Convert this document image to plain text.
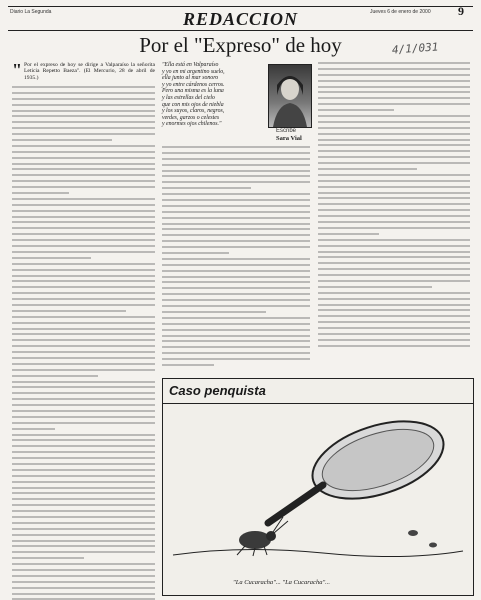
Diario La Segunda	Jueves 6 de enero de 2000 9
REDACCION
Por el "Expreso" de hoy	4/1/031

" Por el expreso de hoy se dirige a Valparaíso la señorita Leticia Repetto Baeza". (El Mercurio, 28 de abril de 1935.)

"Ella está en Valparaíso
y yo en mi argentino suelo,
ella junto al mar sonoro
y yo entre cárdenos cerros.
Pero una misma es la luna
y las estrellas del cielo
que con mis ojos de niebla
y los suyos, claros, negros,
verdes, garzos o celestes
y enormes ojos chilenos."
Escribe
Sara Vial
Caso penquista
"La Cucaracha"... "La Cucaracha"...
